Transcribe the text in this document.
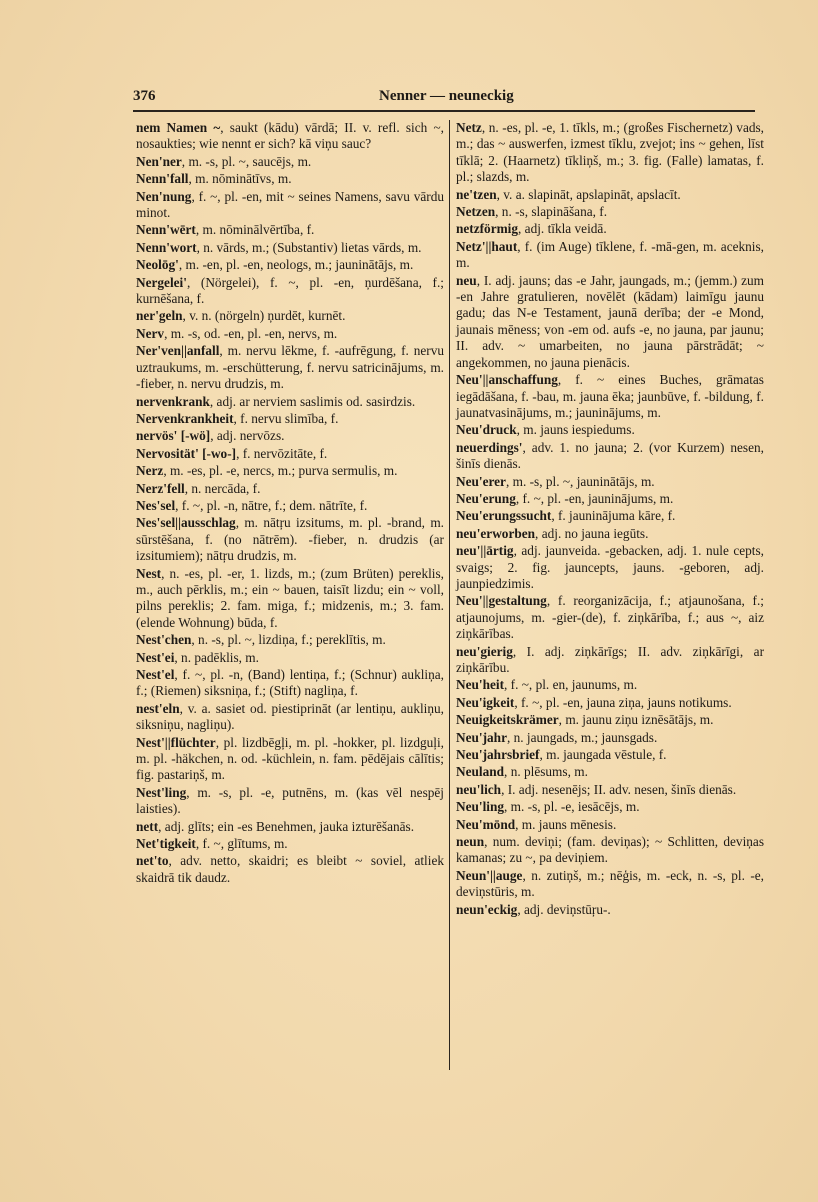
376	Nenner — neuneckig
nem Namen ~, saukt (kādu) vārdā; II. v. refl. sich ~, nosaukties; wie nennt er sich? kā viņu sauc?
Nen'ner, m. -s, pl. ~, saucējs, m.
Nenn'fall, m. nōminātīvs, m.
Nen'nung, f. ~, pl. -en, mit ~ seines Namens, savu vārdu minot.
Nenn'wērt, m. nōminālvērtība, f.
Nenn'wort, n. vārds, m.; (Substantiv) lietas vārds, m.
Neolōg', m. -en, pl. -en, neologs, m.; jauninātājs, m.
Nergelei', (Nörgelei), f. ~, pl. -en, ņurdēšana, f.; kurnēšana, f.
ner'geln, v. n. (nörgeln) ņurdēt, kurnēt.
Nerv, m. -s, od. -en, pl. -en, nervs, m.
Ner'ven||anfall, m. nervu lēkme, f. -aufrēgung, f. nervu uztraukums, m. -erschütterung, f. nervu satricinājums, m. -fieber, n. nervu drudzis, m.
nervenkrank, adj. ar nerviem saslimis od. sasirdzis.
Nervenkrankheit, f. nervu slimība, f.
nervös' [-wö], adj. nervōzs.
Nervosität' [-wo-], f. nervōzitāte, f.
Nerz, m. -es, pl. -e, nercs, m.; purva sermulis, m.
Nerz'fell, n. nercāda, f.
Nes'sel, f. ~, pl. -n, nātre, f.; dem. nātrīte, f.
Nes'sel||ausschlag, m. nātŗu izsitums, m. pl. -brand, m. sūrstēšana, f. (no nātrēm). -fieber, n. drudzis (ar izsitumiem); nātŗu drudzis, m.
Nest, n. -es, pl. -er, 1. lizds, m.; (zum Brüten) pereklis, m., auch pērklis, m.; ein ~ bauen, taisīt lizdu; ein ~ voll, pilns pereklis; 2. fam. miga, f.; midzenis, m.; 3. fam. (elende Wohnung) būda, f.
Nest'chen, n. -s, pl. ~, lizdiņa, f.; pereklītis, m.
Nest'ei, n. padēklis, m.
Nest'el, f. ~, pl. -n, (Band) lentiņa, f.; (Schnur) aukliņa, f.; (Riemen) siksniņa, f.; (Stift) nagliņa, f.
nest'eln, v. a. sasiet od. piestiprināt (ar lentiņu, aukliņu, siksniņu, nagliņu).
Nest'||flüchter, pl. lizdbēgļi, m. pl. -hokker, pl. lizdguļi, m. pl. -häkchen, n. od. -küchlein, n. fam. pēdējais cālītis; fig. pastariņš, m.
Nest'ling, m. -s, pl. -e, putnēns, m. (kas vēl nespēj laisties).
nett, adj. glīts; ein -es Benehmen, jauka izturēšanās.
Net'tigkeit, f. ~, glītums, m.
net'to, adv. netto, skaidri; es bleibt ~ soviel, atliek skaidrā tik daudz.
Netz, n. -es, pl. -e, 1. tīkls, m.; (großes Fischernetz) vads, m.; das ~ auswerfen, izmest tīklu, zvejot; ins ~ gehen, līst tīklā; 2. (Haarnetz) tīkliņš, m.; 3. fig. (Falle) lamatas, f. pl.; slazds, m.
ne'tzen, v. a. slapināt, apslapināt, apslacīt.
Netzen, n. -s, slapināšana, f.
netzförmig, adj. tīkla veidā.
Netz'||haut, f. (im Auge) tīklene, f. -mā-gen, m. aceknis, m.
neu, I. adj. jauns; das -e Jahr, jaungads, m.; (jemm.) zum -en Jahre gratulieren, novēlēt (kādam) laimīgu jaunu gadu; das N-e Testament, jaunā derība; der -e Mond, jaunais mēness; von -em od. aufs -e, no jauna, par jaunu; II. adv. ~ umarbeiten, no jauna pārstrādāt; ~ angekommen, no jauna pienācis.
Neu'||anschaffung, f. ~ eines Buches, grāmatas iegādāšana, f. -bau, m. jauna ēka; jaunbūve, f. -bildung, f. jaunatvasinājums, m.; jauninājums, m.
Neu'druck, m. jauns iespiedums.
neuerdings', adv. 1. no jauna; 2. (vor Kurzem) nesen, šinīs dienās.
Neu'erer, m. -s, pl. ~, jauninātājs, m.
Neu'erung, f. ~, pl. -en, jauninājums, m.
Neu'erungssucht, f. jauninājuma kāre, f.
neu'erworben, adj. no jauna iegūts.
neu'||ārtig, adj. jaunveida. -gebacken, adj. 1. nule cepts, svaigs; 2. fig. jauncepts, jauns. -geboren, adj. jaunpiedzimis.
Neu'||gestaltung, f. reorganizācija, f.; atjaunošana, f.; atjaunojums, m. -gier-(de), f. ziņkārība, f.; aus ~, aiz ziņkārības.
neu'gierig, I. adj. ziņkārīgs; II. adv. ziņkārīgi, ar ziņkārību.
Neu'heit, f. ~, pl. en, jaunums, m.
Neu'igkeit, f. ~, pl. -en, jauna ziņa, jauns notikums.
Neuigkeitskrämer, m. jaunu ziņu iznēsātājs, m.
Neu'jahr, n. jaungads, m.; jaunsgads.
Neu'jahrsbrief, m. jaungada vēstule, f.
Neuland, n. plēsums, m.
neu'lich, I. adj. nesenējs; II. adv. nesen, šinīs dienās.
Neu'ling, m. -s, pl. -e, iesācējs, m.
Neu'mōnd, m. jauns mēnesis.
neun, num. deviņi; (fam. deviņas); ~ Schlitten, deviņas kamanas; zu ~, pa deviņiem.
Neun'||auge, n. zutiņš, m.; nēģis, m. -eck, n. -s, pl. -e, deviņstūris, m.
neun'eckig, adj. deviņstūŗu-.
